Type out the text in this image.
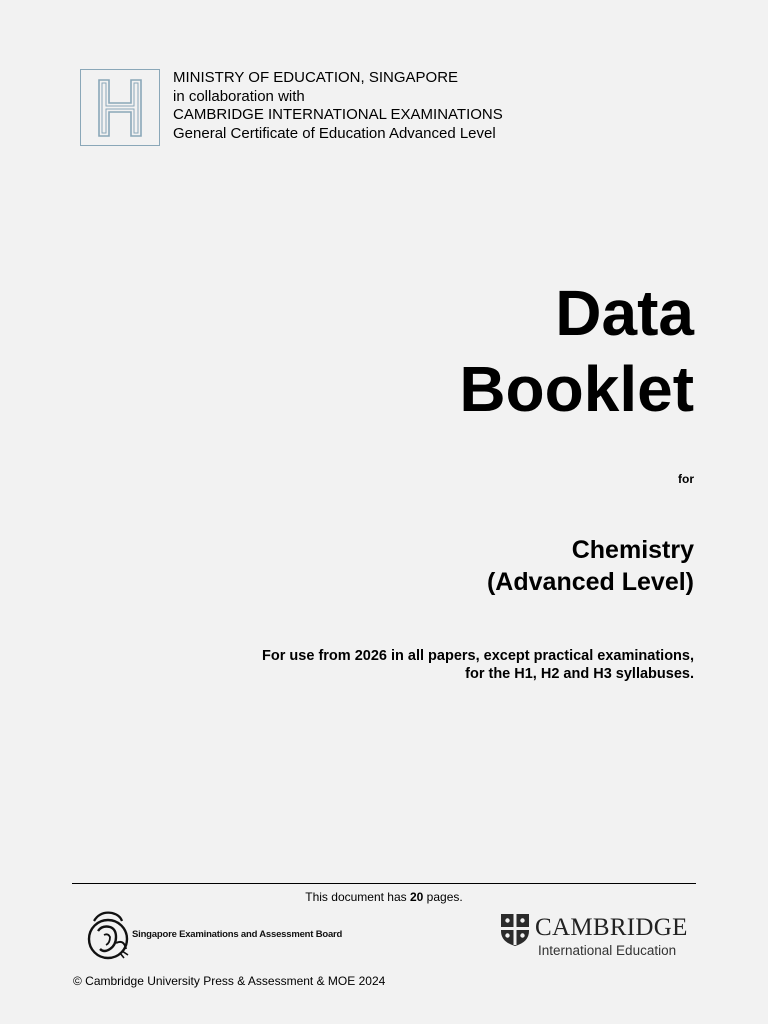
MINISTRY OF EDUCATION, SINGAPORE
in collaboration with
CAMBRIDGE INTERNATIONAL EXAMINATIONS
General Certificate of Education Advanced Level
Data
Booklet
for
Chemistry
(Advanced Level)
For use from 2026 in all papers, except practical examinations,
for the H1, H2 and H3 syllabuses.
This document has 20 pages.
Singapore Examinations and Assessment Board	CAMBRIDGE
International Education
© Cambridge University Press & Assessment & MOE 2024
